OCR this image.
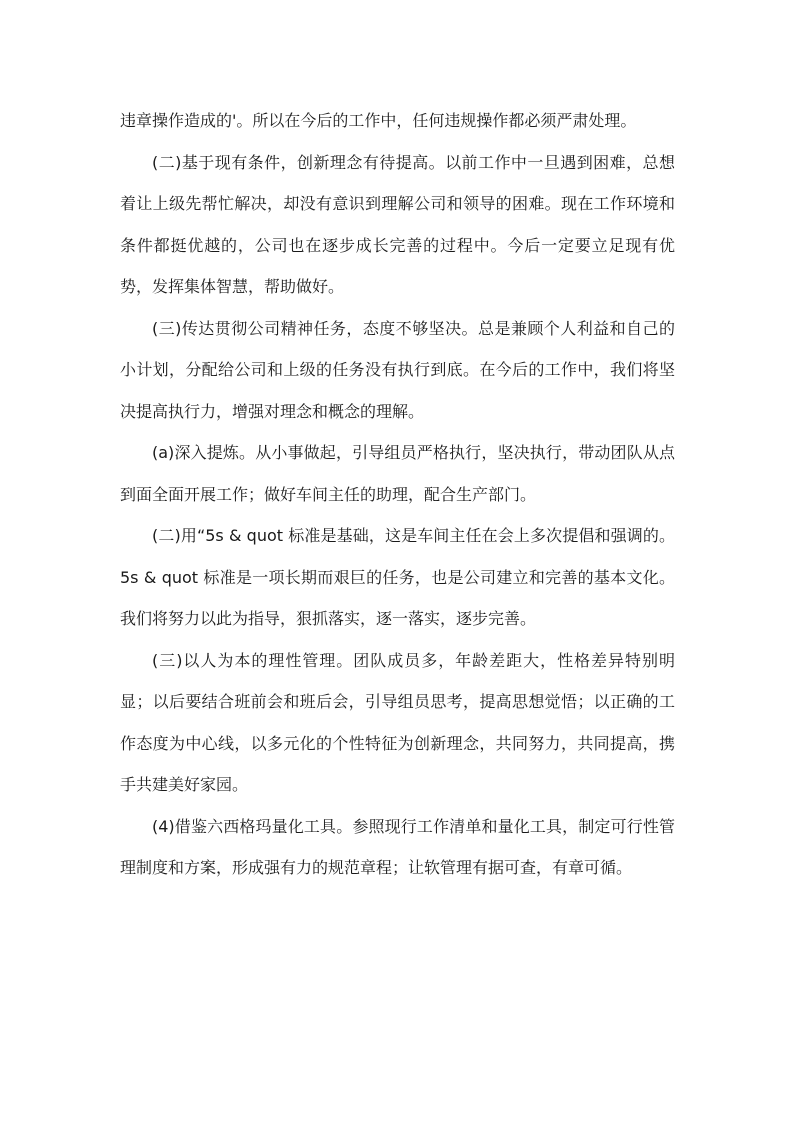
违章操作造成的'。所以在今后的工作中，任何违规操作都必须严肃处理。

(二)基于现有条件，创新理念有待提高。以前工作中一旦遇到困难，总想着让上级先帮忙解决，却没有意识到理解公司和领导的困难。现在工作环境和条件都挺优越的，公司也在逐步成长完善的过程中。今后一定要立足现有优势，发挥集体智慧，帮助做好。

(三)传达贯彻公司精神任务，态度不够坚决。总是兼顾个人利益和自己的小计划，分配给公司和上级的任务没有执行到底。在今后的工作中，我们将坚决提高执行力，增强对理念和概念的理解。

(a)深入提炼。从小事做起，引导组员严格执行，坚决执行，带动团队从点到面全面开展工作；做好车间主任的助理，配合生产部门。

(二)用“5s & quot 标准是基础，这是车间主任在会上多次提倡和强调的。5s & quot 标准是一项长期而艰巨的任务，也是公司建立和完善的基本文化。我们将努力以此为指导，狠抓落实，逐一落实，逐步完善。

(三)以人为本的理性管理。团队成员多，年龄差距大，性格差异特别明显；以后要结合班前会和班后会，引导组员思考，提高思想觉悟；以正确的工作态度为中心线，以多元化的个性特征为创新理念，共同努力，共同提高，携手共建美好家园。

(4)借鉴六西格玛量化工具。参照现行工作清单和量化工具，制定可行性管理制度和方案，形成强有力的规范章程；让软管理有据可查，有章可循。
